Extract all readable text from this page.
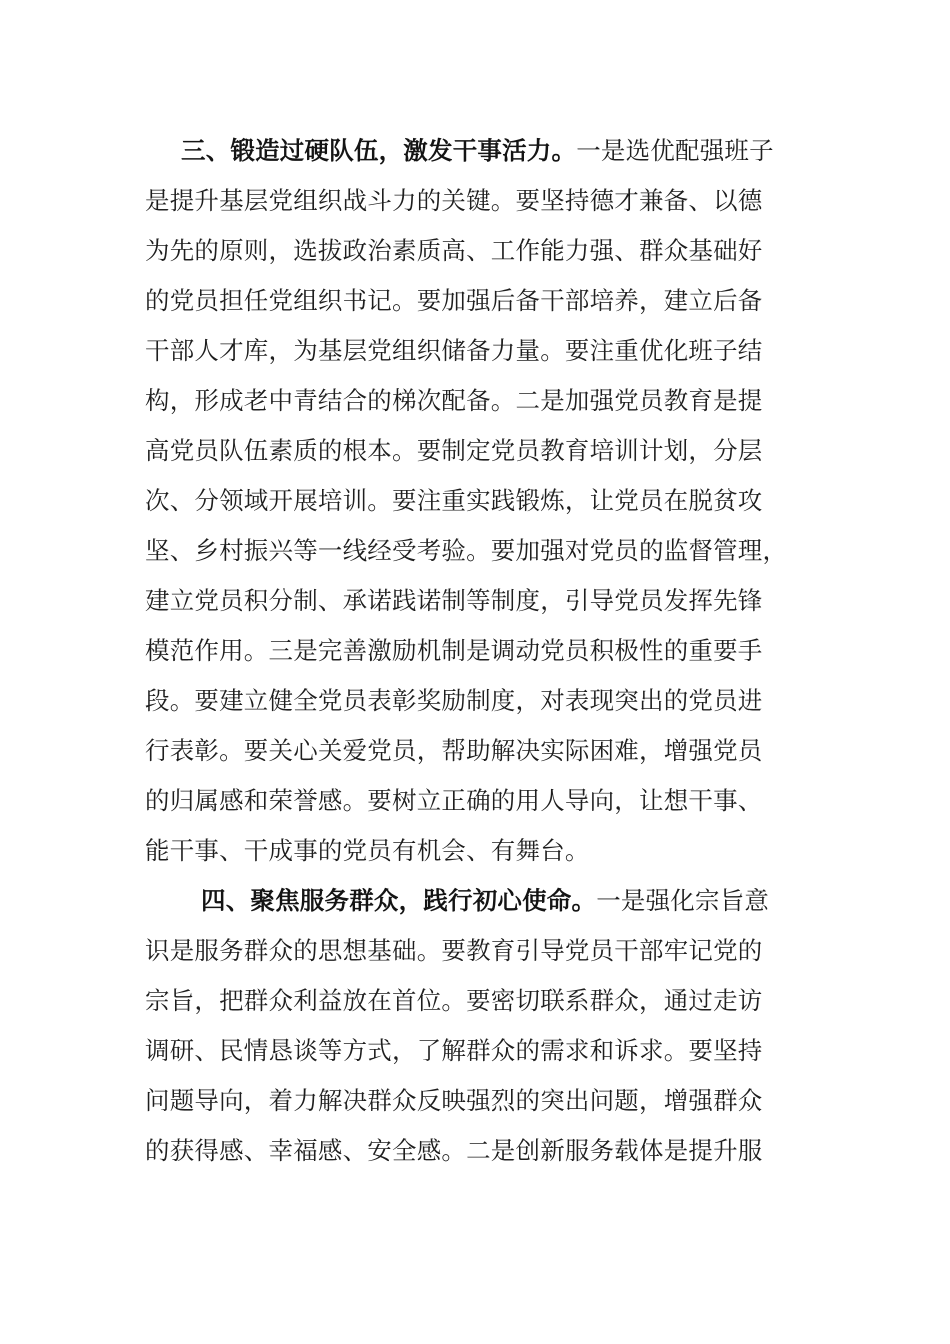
三、锻造过硬队伍，激发干事活力。一是选优配强班子
是提升基层党组织战斗力的关键。要坚持德才兼备、以德
为先的原则，选拔政治素质高、工作能力强、群众基础好
的党员担任党组织书记。要加强后备干部培养，建立后备
干部人才库，为基层党组织储备力量。要注重优化班子结
构，形成老中青结合的梯次配备。二是加强党员教育是提
高党员队伍素质的根本。要制定党员教育培训计划，分层
次、分领域开展培训。要注重实践锻炼，让党员在脱贫攻
坚、乡村振兴等一线经受考验。要加强对党员的监督管理，
建立党员积分制、承诺践诺制等制度，引导党员发挥先锋
模范作用。三是完善激励机制是调动党员积极性的重要手
段。要建立健全党员表彰奖励制度，对表现突出的党员进
行表彰。要关心关爱党员，帮助解决实际困难，增强党员
的归属感和荣誉感。要树立正确的用人导向，让想干事、
能干事、干成事的党员有机会、有舞台。
四、聚焦服务群众，践行初心使命。一是强化宗旨意
识是服务群众的思想基础。要教育引导党员干部牢记党的
宗旨，把群众利益放在首位。要密切联系群众，通过走访
调研、民情恳谈等方式，了解群众的需求和诉求。要坚持
问题导向，着力解决群众反映强烈的突出问题，增强群众
的获得感、幸福感、安全感。二是创新服务载体是提升服
